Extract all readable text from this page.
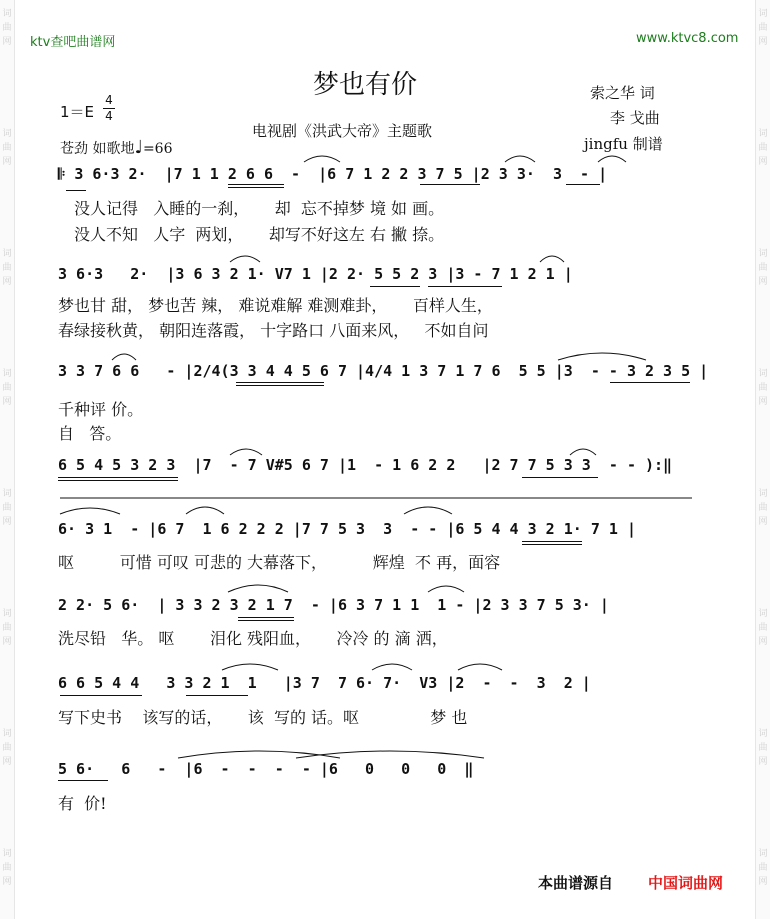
词
曲
网
词
曲
网
词
曲
网
词
曲
网
词
曲
网
词
曲
网
词
曲
网
词
曲
网
词
曲
网
词
曲
网
词
曲
网
词
曲
网
词
曲
网
词
曲
网
词
曲
网
词
曲
网
ktv查吧曲谱网	www.ktvc8.com
梦也有价
电视剧《洪武大帝》主题歌
索之华 词
李 戈曲
jingfu 制谱
1＝E
4
4
苍劲 如歌地♩=66
𝄆 3 6·3 2·  |7 1 1 2 6 6  -  |6 7 1 2 2 3 7 5 |2 3 3·  3  - |
没人记得   入睡的一刹，     却  忘不掉梦 境 如 画。
没人不知   人字  两划，     却写不好这左 右 撇 捺。
3 6·3   2·  |3 6 3 2 1· V7 1 |2 2· 5 5 2 3 |3 - 7 1 2 1 |
梦也甘 甜， 梦也苦 辣， 难说难解 难测难卦，     百样人生，
春绿接秋黄， 朝阳连落霞， 十字路口 八面来风，   不如自问
3 3 7 6 6   - |2/4(3 3 4 4 5 6 7 |4/4 1 3 7 1 7 6  5 5 |3  - - 3 2 3 5 |
千种评 价。
自   答。
6 5 4 5 3 2 3  |7  - 7 V#5 6 7 |1  - 1 6 2 2   |2 7 7 5 3 3  - - ):‖
6· 3 1  - |6 7  1 6 2 2 2 |7 7 5 3  3  - - |6 5 4 4 3 2 1· 7 1 |
呕         可惜 可叹 可悲的 大幕落下，         辉煌  不 再，面容
2 2· 5 6·  | 3 3 2 3 2 1 7  - |6 3 7 1 1  1 - |2 3 3 7 5 3· |
洗尽铅   华。 呕       泪化 残阳血，     冷冷 的 滴 洒，
6 6 5 4 4   3 3 2 1  1   |3 7  7 6· 7·  V3 |2  -  -  3  2 |
写下史书    该写的话，     该  写的 话。呕              梦 也
5 6·   6   -  |6  -  -  -  - |6   0   0   0  ‖
有  价!
本曲谱源自 中国词曲网
